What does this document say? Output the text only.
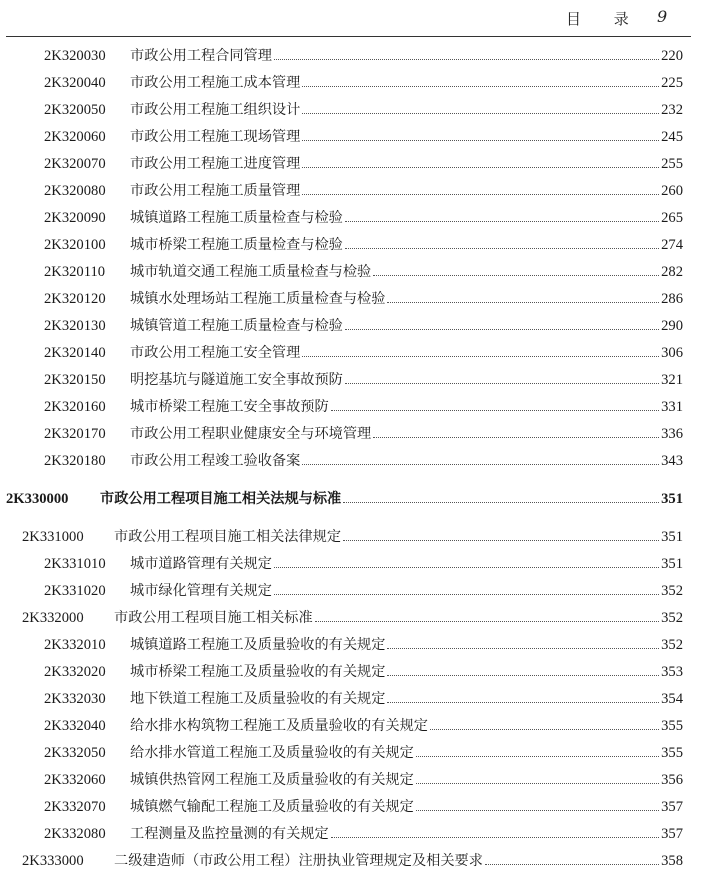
目 录 9
2K320030	市政公用工程合同管理	220
2K320040	市政公用工程施工成本管理	225
2K320050	市政公用工程施工组织设计	232
2K320060	市政公用工程施工现场管理	245
2K320070	市政公用工程施工进度管理	255
2K320080	市政公用工程施工质量管理	260
2K320090	城镇道路工程施工质量检查与检验	265
2K320100	城市桥梁工程施工质量检查与检验	274
2K320110	城市轨道交通工程施工质量检查与检验	282
2K320120	城镇水处理场站工程施工质量检查与检验	286
2K320130	城镇管道工程施工质量检查与检验	290
2K320140	市政公用工程施工安全管理	306
2K320150	明挖基坑与隧道施工安全事故预防	321
2K320160	城市桥梁工程施工安全事故预防	331
2K320170	市政公用工程职业健康安全与环境管理	336
2K320180	市政公用工程竣工验收备案	343
2K330000	市政公用工程项目施工相关法规与标准	351
2K331000	市政公用工程项目施工相关法律规定	351
2K331010	城市道路管理有关规定	351
2K331020	城市绿化管理有关规定	352
2K332000	市政公用工程项目施工相关标准	352
2K332010	城镇道路工程施工及质量验收的有关规定	352
2K332020	城市桥梁工程施工及质量验收的有关规定	353
2K332030	地下铁道工程施工及质量验收的有关规定	354
2K332040	给水排水构筑物工程施工及质量验收的有关规定	355
2K332050	给水排水管道工程施工及质量验收的有关规定	355
2K332060	城镇供热管网工程施工及质量验收的有关规定	356
2K332070	城镇燃气输配工程施工及质量验收的有关规定	357
2K332080	工程测量及监控量测的有关规定	357
2K333000	二级建造师（市政公用工程）注册执业管理规定及相关要求	358
